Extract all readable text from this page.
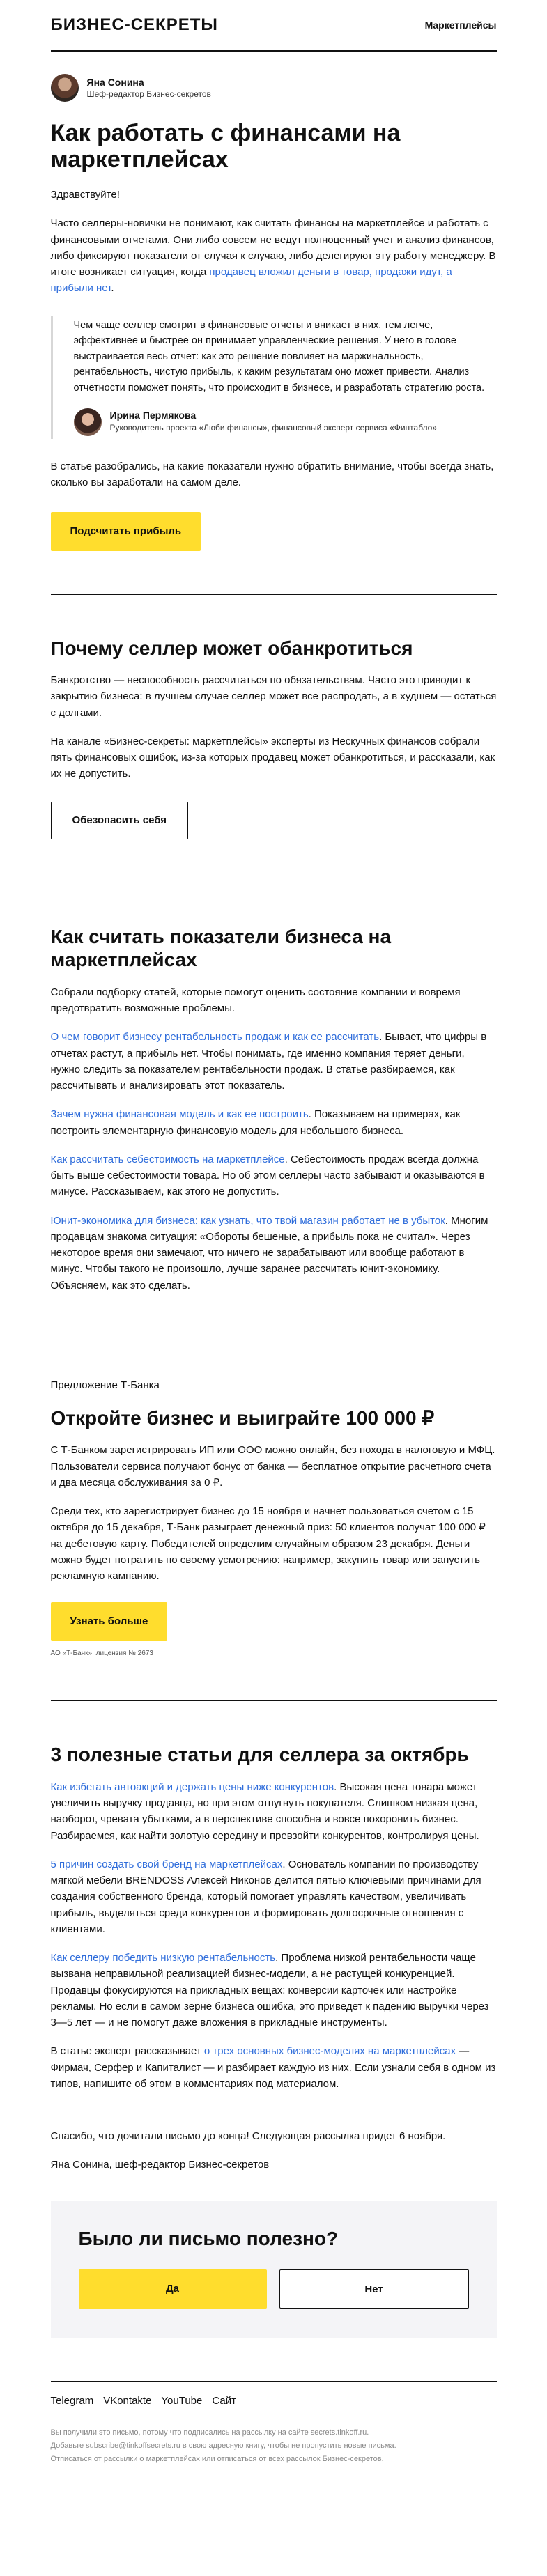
БИЗНЕС-СЕКРЕТЫ	Маркетплейсы
Яна Сонина
Шеф-редактор Бизнес-секретов
Как работать с финансами на маркетплейсах

Здравствуйте!

Часто селлеры-новички не понимают, как считать финансы на маркетплейсе и работать с финансовыми отчетами. Они либо совсем не ведут полноценный учет и анализ финансов, либо фиксируют показатели от случая к случаю, либо делегируют эту работу менеджеру. В итоге возникает ситуация, когда продавец вложил деньги в товар, продажи идут, а прибыли нет.

Чем чаще селлер смотрит в финансовые отчеты и вникает в них, тем легче, эффективнее и быстрее он принимает управленческие решения. У него в голове выстраивается весь отчет: как это решение повлияет на маржинальность, рентабельность, чистую прибыль, к каким результатам оно может привести. Анализ отчетности поможет понять, что происходит в бизнесе, и разработать стратегию роста.

Ирина Пермякова
Руководитель проекта «Люби финансы», финансовый эксперт сервиса «Финтабло»

В статье разобрались, на какие показатели нужно обратить внимание, чтобы всегда знать, сколько вы заработали на самом деле.

Подсчитать прибыль
Почему селлер может обанкротиться

Банкротство — неспособность рассчитаться по обязательствам. Часто это приводит к закрытию бизнеса: в лучшем случае селлер может все распродать, а в худшем — остаться с долгами.

На канале «Бизнес-секреты: маркетплейсы» эксперты из Нескучных финансов собрали пять финансовых ошибок, из-за которых продавец может обанкротиться, и рассказали, как их не допустить.

Обезопасить себя
Как считать показатели бизнеса на маркетплейсах

Собрали подборку статей, которые помогут оценить состояние компании и вовремя предотвратить возможные проблемы.

О чем говорит бизнесу рентабельность продаж и как ее рассчитать. Бывает, что цифры в отчетах растут, а прибыль нет. Чтобы понимать, где именно компания теряет деньги, нужно следить за показателем рентабельности продаж. В статье разбираемся, как рассчитывать и анализировать этот показатель.

Зачем нужна финансовая модель и как ее построить. Показываем на примерах, как построить элементарную финансовую модель для небольшого бизнеса.

Как рассчитать себестоимость на маркетплейсе. Себестоимость продаж всегда должна быть выше себестоимости товара. Но об этом селлеры часто забывают и оказываются в минусе. Рассказываем, как этого не допустить.

Юнит-экономика для бизнеса: как узнать, что твой магазин работает не в убыток. Многим продавцам знакома ситуация: «Обороты бешеные, а прибыль пока не считал». Через некоторое время они замечают, что ничего не зарабатывают или вообще работают в минус. Чтобы такого не произошло, лучше заранее рассчитать юнит-экономику. Объясняем, как это сделать.

Предложение Т-Банка
Откройте бизнес и выиграйте 100 000 ₽

С Т-Банком зарегистрировать ИП или ООО можно онлайн, без похода в налоговую и МФЦ. Пользователи сервиса получают бонус от банка — бесплатное открытие расчетного счета и два месяца обслуживания за 0 ₽.

Среди тех, кто зарегистрирует бизнес до 15 ноября и начнет пользоваться счетом с 15 октября до 15 декабря, Т-Банк разыграет денежный приз: 50 клиентов получат 100 000 ₽ на дебетовую карту. Победителей определим случайным образом 23 декабря. Деньги можно будет потратить по своему усмотрению: например, закупить товар или запустить рекламную кампанию.

Узнать больше
АО «Т‑Банк», лицензия № 2673
3 полезные статьи для селлера за октябрь

Как избегать автоакций и держать цены ниже конкурентов. Высокая цена товара может увеличить выручку продавца, но при этом отпугнуть покупателя. Слишком низкая цена, наоборот, чревата убытками, а в перспективе способна и вовсе похоронить бизнес. Разбираемся, как найти золотую середину и превзойти конкурентов, контролируя цены.

5 причин создать свой бренд на маркетплейсах. Основатель компании по производству мягкой мебели BRENDOSS Алексей Никонов делится пятью ключевыми причинами для создания собственного бренда, который помогает управлять качеством, увеличивать прибыль, выделяться среди конкурентов и формировать долгосрочные отношения с клиентами.

Как селлеру победить низкую рентабельность. Проблема низкой рентабельности чаще вызвана неправильной реализацией бизнес-модели, а не растущей конкуренцией. Продавцы фокусируются на прикладных вещах: конверсии карточек или настройке рекламы. Но если в самом зерне бизнеса ошибка, это приведет к падению выручки через 3—5 лет — и не помогут даже вложения в прикладные инструменты.

В статье эксперт рассказывает о трех основных бизнес-моделях на маркетплейсах — Фирмач, Серфер и Капиталист — и разбирает каждую из них. Если узнали себя в одном из типов, напишите об этом в комментариях под материалом.

Спасибо, что дочитали письмо до конца! Следующая рассылка придет 6 ноября.

Яна Сонина, шеф-редактор Бизнес-секретов

Было ли письмо полезно?
Да	Нет
Telegram VKontakte YouTube Сайт
Вы получили это письмо, потому что подписались на рассылку на сайте secrets.tinkoff.ru.
Добавьте subscribe@tinkoffsecrets.ru в свою адресную книгу, чтобы не пропустить новые письма.
Отписаться от рассылки о маркетплейсах или отписаться от всех рассылок Бизнес-секретов.
